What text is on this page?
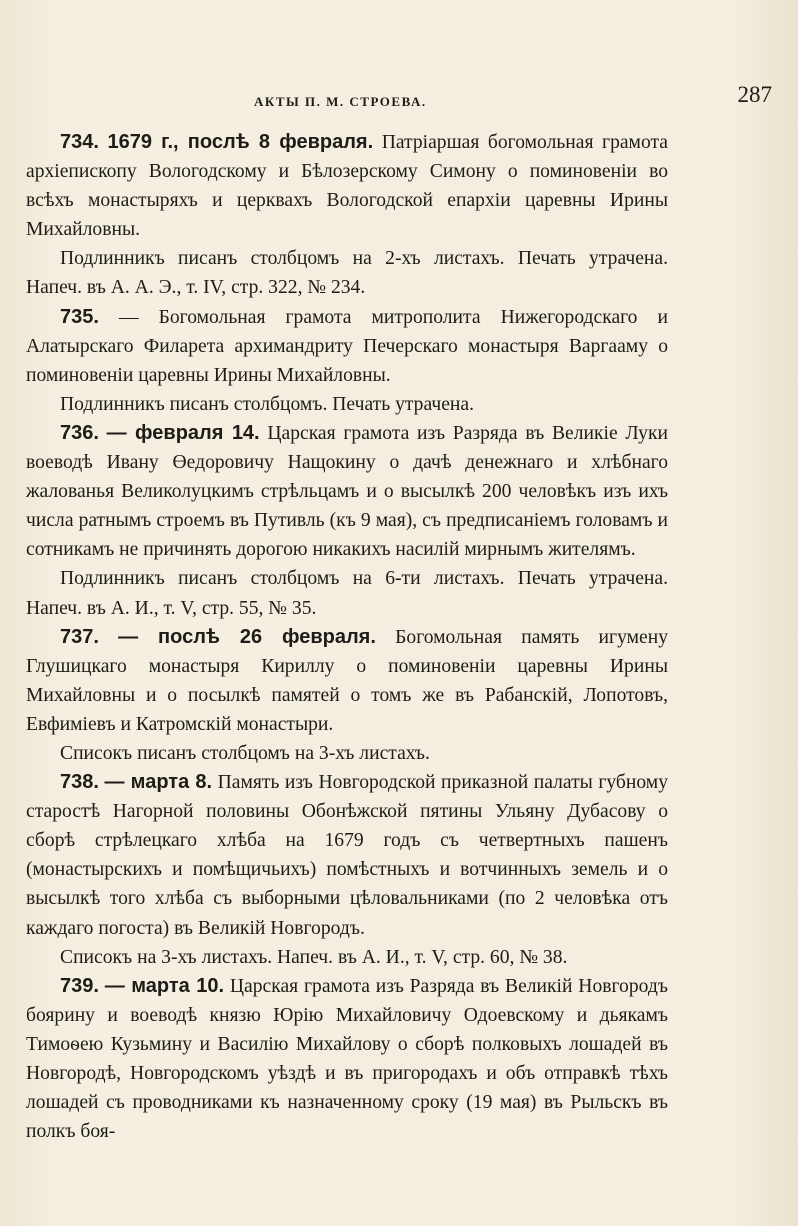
АКТЫ П. М. СТРОЕВА.	287

734. 1679 г., послѣ 8 февраля. Патріаршая богомольная грамота архіепископу Вологодскому и Бѣлозерскому Симону о поминовеніи во всѣхъ монастыряхъ и церквахъ Вологодской епархіи царевны Ирины Михайловны.

Подлинникъ писанъ столбцомъ на 2-хъ листахъ. Печать утрачена. Напеч. въ А. А. Э., т. IV, стр. 322, № 234.

735. — Богомольная грамота митрополита Нижегородскаго и Алатырскаго Филарета архимандриту Печерскаго монастыря Варгааму о поминовеніи царевны Ирины Михайловны.

Подлинникъ писанъ столбцомъ. Печать утрачена.

736. — февраля 14. Царская грамота изъ Разряда въ Великіе Луки воеводѣ Ивану Өедоровичу Нащокину о дачѣ денежнаго и хлѣбнаго жалованья Великолуцкимъ стрѣльцамъ и о высылкѣ 200 человѣкъ изъ ихъ числа ратнымъ строемъ въ Путивль (къ 9 мая), съ предписаніемъ головамъ и сотникамъ не причинять дорогою никакихъ насилій мирнымъ жителямъ.

Подлинникъ писанъ столбцомъ на 6-ти листахъ. Печать утрачена. Напеч. въ А. И., т. V, стр. 55, № 35.

737. — послѣ 26 февраля. Богомольная память игумену Глушицкаго монастыря Кириллу о поминовеніи царевны Ирины Михайловны и о посылкѣ памятей о томъ же въ Рабанскій, Лопотовъ, Евфиміевъ и Катромскій монастыри.

Списокъ писанъ столбцомъ на 3-хъ листахъ.

738. — марта 8. Память изъ Новгородской приказной палаты губному старостѣ Нагорной половины Обонѣжской пятины Ульяну Дубасову о сборѣ стрѣлецкаго хлѣба на 1679 годъ съ четвертныхъ пашенъ (монастырскихъ и помѣщичьихъ) помѣстныхъ и вотчинныхъ земель и о высылкѣ того хлѣба съ выборными цѣловальниками (по 2 человѣка отъ каждаго погоста) въ Великій Новгородъ.

Списокъ на 3-хъ листахъ. Напеч. въ А. И., т. V, стр. 60, № 38.

739. — марта 10. Царская грамота изъ Разряда въ Великій Новгородъ боярину и воеводѣ князю Юрію Михайловичу Одоевскому и дьякамъ Тимоѳею Кузьмину и Василію Михайлову о сборѣ полковыхъ лошадей въ Новгородѣ, Новгородскомъ уѣздѣ и въ пригородахъ и объ отправкѣ тѣхъ лошадей съ проводниками къ назначенному сроку (19 мая) въ Рыльскъ въ полкъ боя-
